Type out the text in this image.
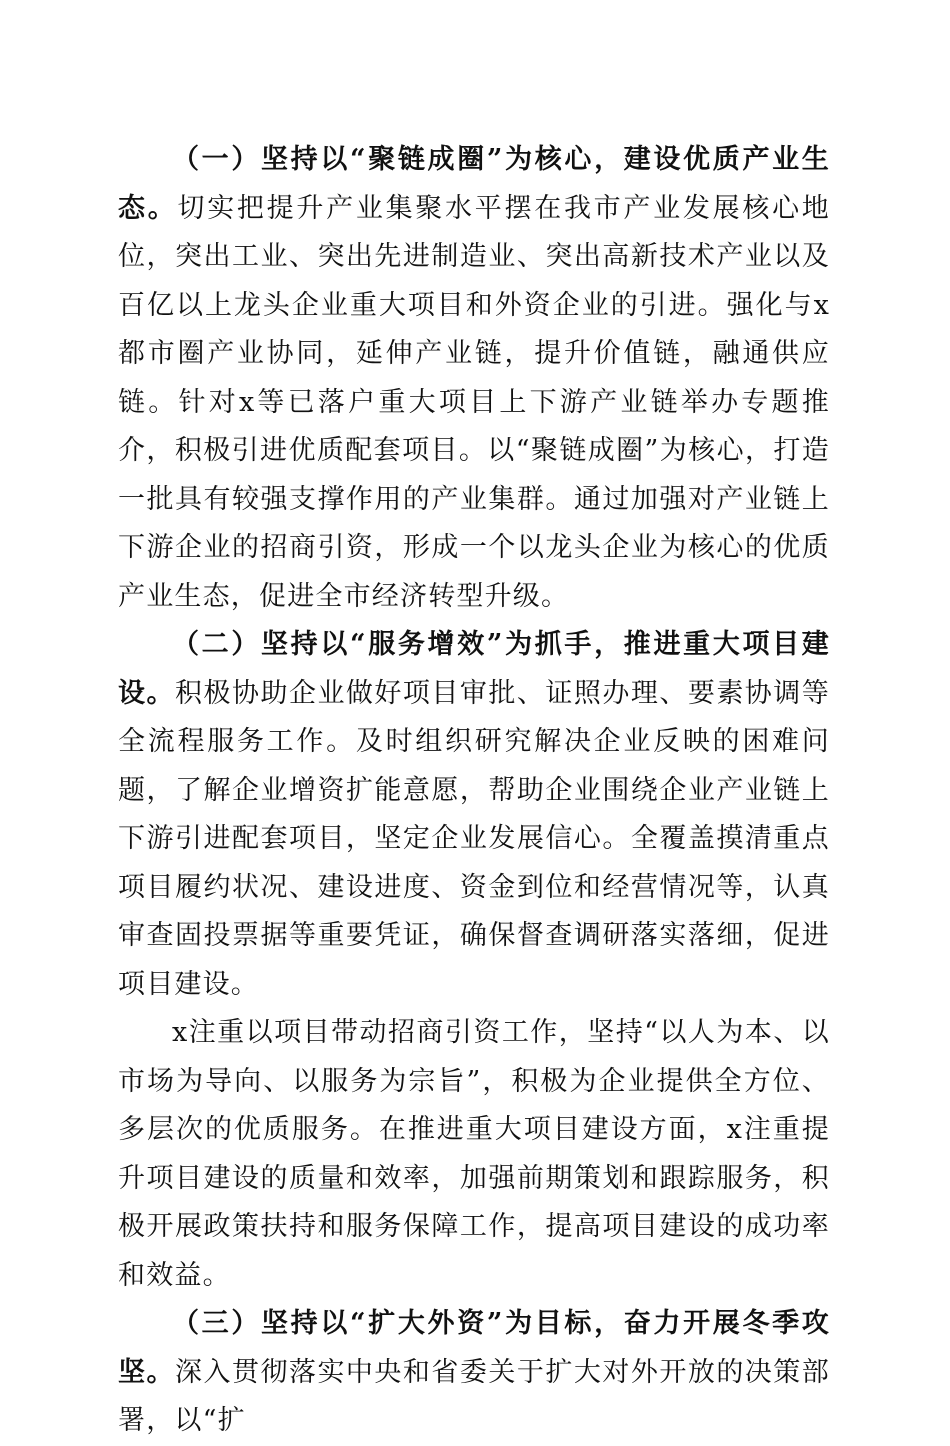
（一）坚持以“聚链成圈”为核心，建设优质产业生态。切实把提升产业集聚水平摆在我市产业发展核心地位，突出工业、突出先进制造业、突出高新技术产业以及百亿以上龙头企业重大项目和外资企业的引进。强化与x都市圈产业协同，延伸产业链，提升价值链，融通供应链。针对x等已落户重大项目上下游产业链举办专题推介，积极引进优质配套项目。以“聚链成圈”为核心，打造一批具有较强支撑作用的产业集群。通过加强对产业链上下游企业的招商引资，形成一个以龙头企业为核心的优质产业生态，促进全市经济转型升级。

（二）坚持以“服务增效”为抓手，推进重大项目建设。积极协助企业做好项目审批、证照办理、要素协调等全流程服务工作。及时组织研究解决企业反映的困难问题，了解企业增资扩能意愿，帮助企业围绕企业产业链上下游引进配套项目，坚定企业发展信心。全覆盖摸清重点项目履约状况、建设进度、资金到位和经营情况等，认真审查固投票据等重要凭证，确保督查调研落实落细，促进项目建设。

x注重以项目带动招商引资工作，坚持“以人为本、以市场为导向、以服务为宗旨”，积极为企业提供全方位、多层次的优质服务。在推进重大项目建设方面，x注重提升项目建设的质量和效率，加强前期策划和跟踪服务，积极开展政策扶持和服务保障工作，提高项目建设的成功率和效益。

（三）坚持以“扩大外资”为目标，奋力开展冬季攻坚。深入贯彻落实中央和省委关于扩大对外开放的决策部署，以“扩
